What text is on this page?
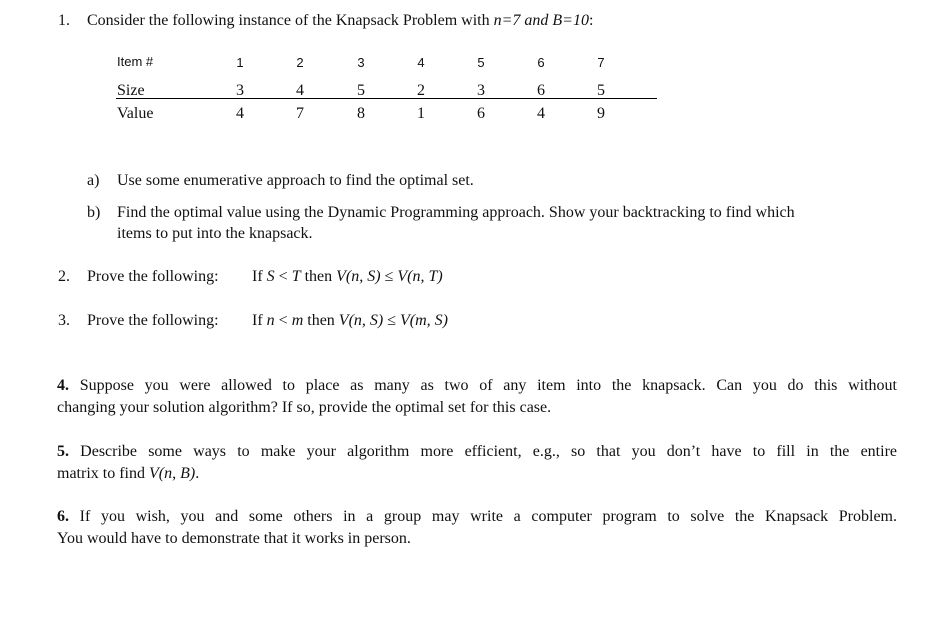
1. Consider the following instance of the Knapsack Problem with n=7 and B=10:
Item #	1	2	3	4	5	6	7
Size	3	4	5	2	3	6	5
Value	4	7	8	1	6	4	9
a) Use some enumerative approach to find the optimal set.
b) Find the optimal value using the Dynamic Programming approach. Show your backtracking to find which
items to put into the knapsack.
2. Prove the following: If S < T then V(n, S) ≤ V(n, T)
3. Prove the following: If n < m then V(n, S) ≤ V(m, S)
4. Suppose you were allowed to place as many as two of any item into the knapsack. Can you do this without
changing your solution algorithm? If so, provide the optimal set for this case.
5. Describe some ways to make your algorithm more efficient, e.g., so that you don’t have to fill in the entire
matrix to find V(n, B).
6. If you wish, you and some others in a group may write a computer program to solve the Knapsack Problem.
You would have to demonstrate that it works in person.
